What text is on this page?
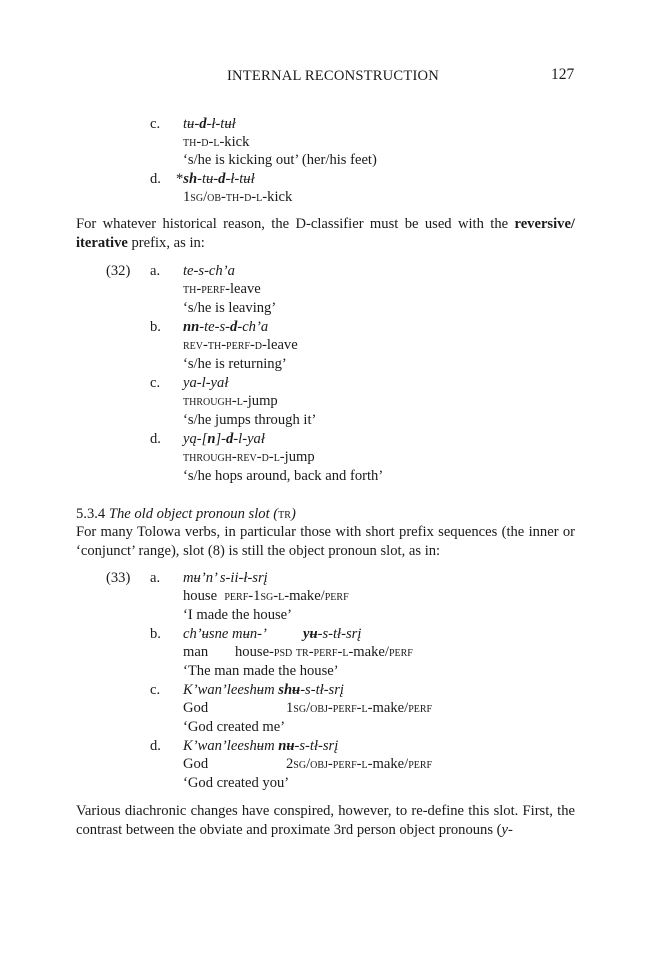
INTERNAL RECONSTRUCTION	127
c. tʉ-d-ł-tʉł
th-d-l-kick
‘s/he is kicking out’ (her/his feet)
d. *sh-tʉ-d-ł-tʉł
1sg/ob-th-d-l-kick

For whatever historical reason, the D-classifier must be used with the reversive/ iterative prefix, as in:

(32) a. te-s-ch’a
th-perf-leave
‘s/he is leaving’
b. nn-te-s-d-ch’a
rev-th-perf-d-leave
‘s/he is returning’
c. ya-l-yał
through-l-jump
‘s/he jumps through it’
d. yą-[n]-d-l-yał
through-rev-d-l-jump
‘s/he hops around, back and forth’
5.3.4 The old object pronoun slot (tr)

For many Tolowa verbs, in particular those with short prefix sequences (the inner or ‘conjunct’ range), slot (8) is still the object pronoun slot, as in:

(33) a. mʉ’n’ s-ii-ł-srį
house  perf-1sg-l-make/perf
‘I made the house’
b. ch’ʉsne mʉn-’ yʉ-s-tł-srį
man house-psd tr-perf-l-make/perf
‘The man made the house’
c. K’wan’leeshʉm shʉ-s-tł-srį
God	1sg/obj-perf-l-make/perf
‘God created me’
d. K’wan’leeshʉm nʉ-s-tł-srį
God	2sg/obj-perf-l-make/perf
‘God created you’

Various diachronic changes have conspired, however, to re-define this slot. First, the contrast between the obviate and proximate 3rd person object pronouns (y-
